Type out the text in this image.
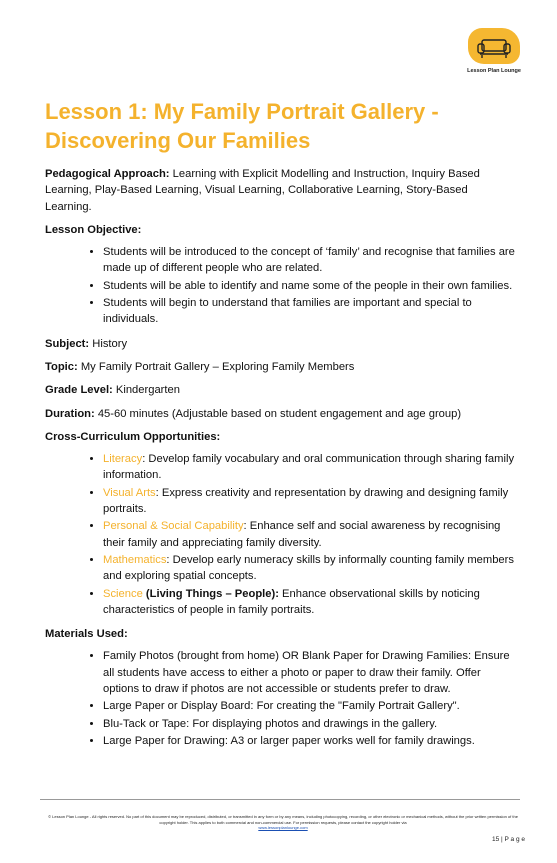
Lesson Plan Lounge
Lesson 1: My Family Portrait Gallery - Discovering Our Families

Pedagogical Approach: Learning with Explicit Modelling and Instruction, Inquiry Based Learning, Play-Based Learning, Visual Learning, Collaborative Learning, Story-Based Learning.

Lesson Objective:

• Students will be introduced to the concept of ‘family’ and recognise that families are made up of different people who are related.
• Students will be able to identify and name some of the people in their own families.
• Students will begin to understand that families are important and special to individuals.

Subject: History

Topic: My Family Portrait Gallery – Exploring Family Members

Grade Level: Kindergarten

Duration: 45-60 minutes (Adjustable based on student engagement and age group)

Cross-Curriculum Opportunities:

• Literacy: Develop family vocabulary and oral communication through sharing family information.
• Visual Arts: Express creativity and representation by drawing and designing family portraits.
• Personal & Social Capability: Enhance self and social awareness by recognising their family and appreciating family diversity.
• Mathematics: Develop early numeracy skills by informally counting family members and exploring spatial concepts.
• Science (Living Things – People): Enhance observational skills by noticing characteristics of people in family portraits.

Materials Used:

• Family Photos (brought from home) OR Blank Paper for Drawing Families: Ensure all students have access to either a photo or paper to draw their family. Offer options to draw if photos are not accessible or students prefer to draw.
• Large Paper or Display Board: For creating the "Family Portrait Gallery".
• Blu-Tack or Tape: For displaying photos and drawings in the gallery.
• Large Paper for Drawing: A3 or larger paper works well for family drawings.
© Lesson Plan Lounge - All rights reserved. No part of this document may be reproduced, distributed, or transmitted in any form or by any means, including photocopying, recording, or other electronic or mechanical methods, without the prior written permission of the copyright holder. This applies to both commercial and non-commercial use. For permission requests, please contact the copyright holder via
www.lessonplanlounge.com
15 | P a g e
